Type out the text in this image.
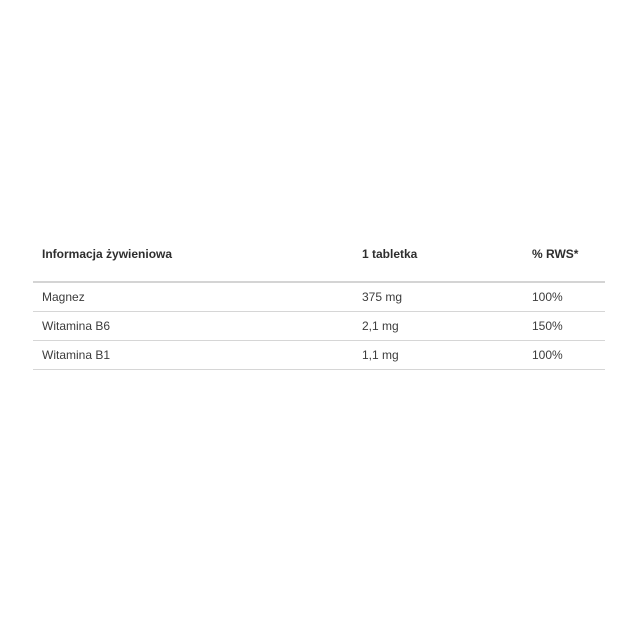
Informacja żywieniowa	1 tabletka	% RWS*
Magnez	375 mg	100%
Witamina B6	2,1 mg	150%
Witamina B1	1,1 mg	100%
